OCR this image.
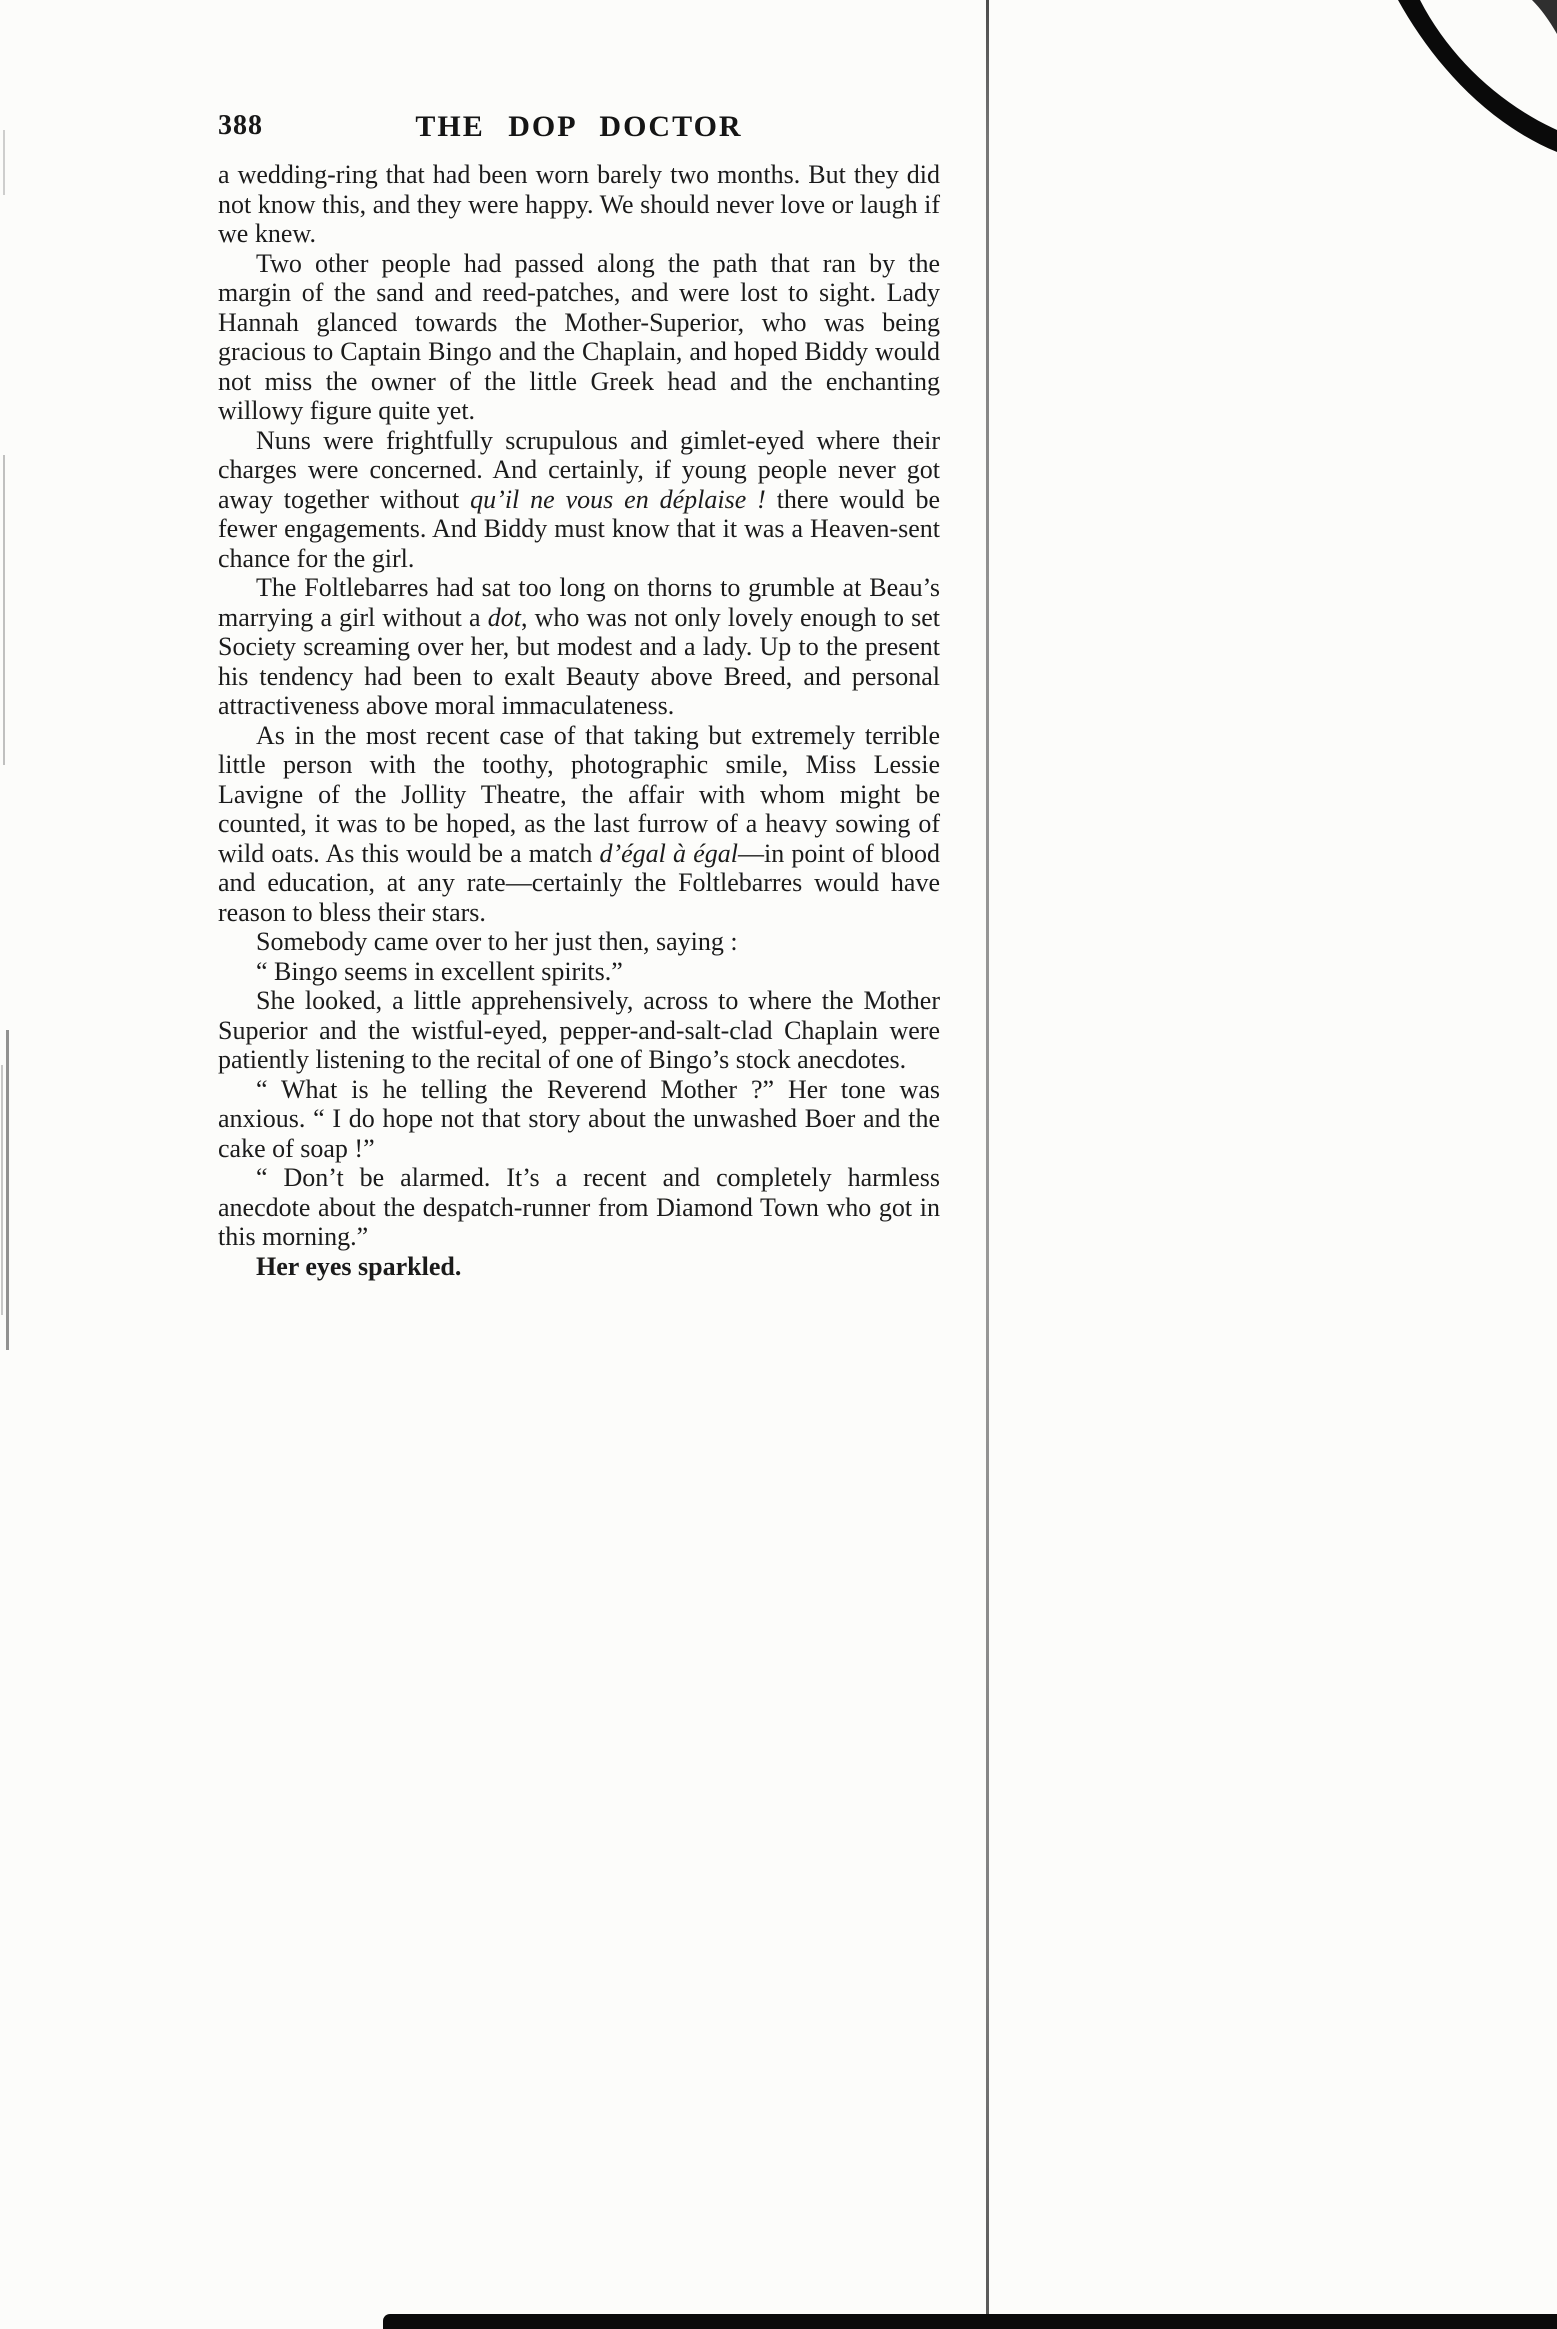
THE DOP DOCTOR
388

a wedding-ring that had been worn barely two months. But they did not know this, and they were happy. We should never love or laugh if we knew.

Two other people had passed along the path that ran by the margin of the sand and reed-patches, and were lost to sight. Lady Hannah glanced towards the Mother-Superior, who was being gracious to Captain Bingo and the Chaplain, and hoped Biddy would not miss the owner of the little Greek head and the enchanting willowy figure quite yet.

Nuns were frightfully scrupulous and gimlet-eyed where their charges were concerned. And certainly, if young people never got away together without qu’il ne vous en déplaise ! there would be fewer engagements. And Biddy must know that it was a Heaven-sent chance for the girl.

The Foltlebarres had sat too long on thorns to grumble at Beau’s marrying a girl without a dot, who was not only lovely enough to set Society screaming over her, but modest and a lady. Up to the present his tendency had been to exalt Beauty above Breed, and personal attractiveness above moral immaculateness.

As in the most recent case of that taking but extremely terrible little person with the toothy, photographic smile, Miss Lessie Lavigne of the Jollity Theatre, the affair with whom might be counted, it was to be hoped, as the last furrow of a heavy sowing of wild oats. As this would be a match d’égal à égal—in point of blood and education, at any rate—certainly the Foltlebarres would have reason to bless their stars.

Somebody came over to her just then, saying :

“ Bingo seems in excellent spirits.”

She looked, a little apprehensively, across to where the Mother Superior and the wistful-eyed, pepper-and-salt-clad Chaplain were patiently listening to the recital of one of Bingo’s stock anecdotes.

“ What is he telling the Reverend Mother ?” Her tone was anxious. “ I do hope not that story about the unwashed Boer and the cake of soap !”

“ Don’t be alarmed. It’s a recent and completely harmless anecdote about the despatch-runner from Diamond Town who got in this morning.”

Her eyes sparkled.
